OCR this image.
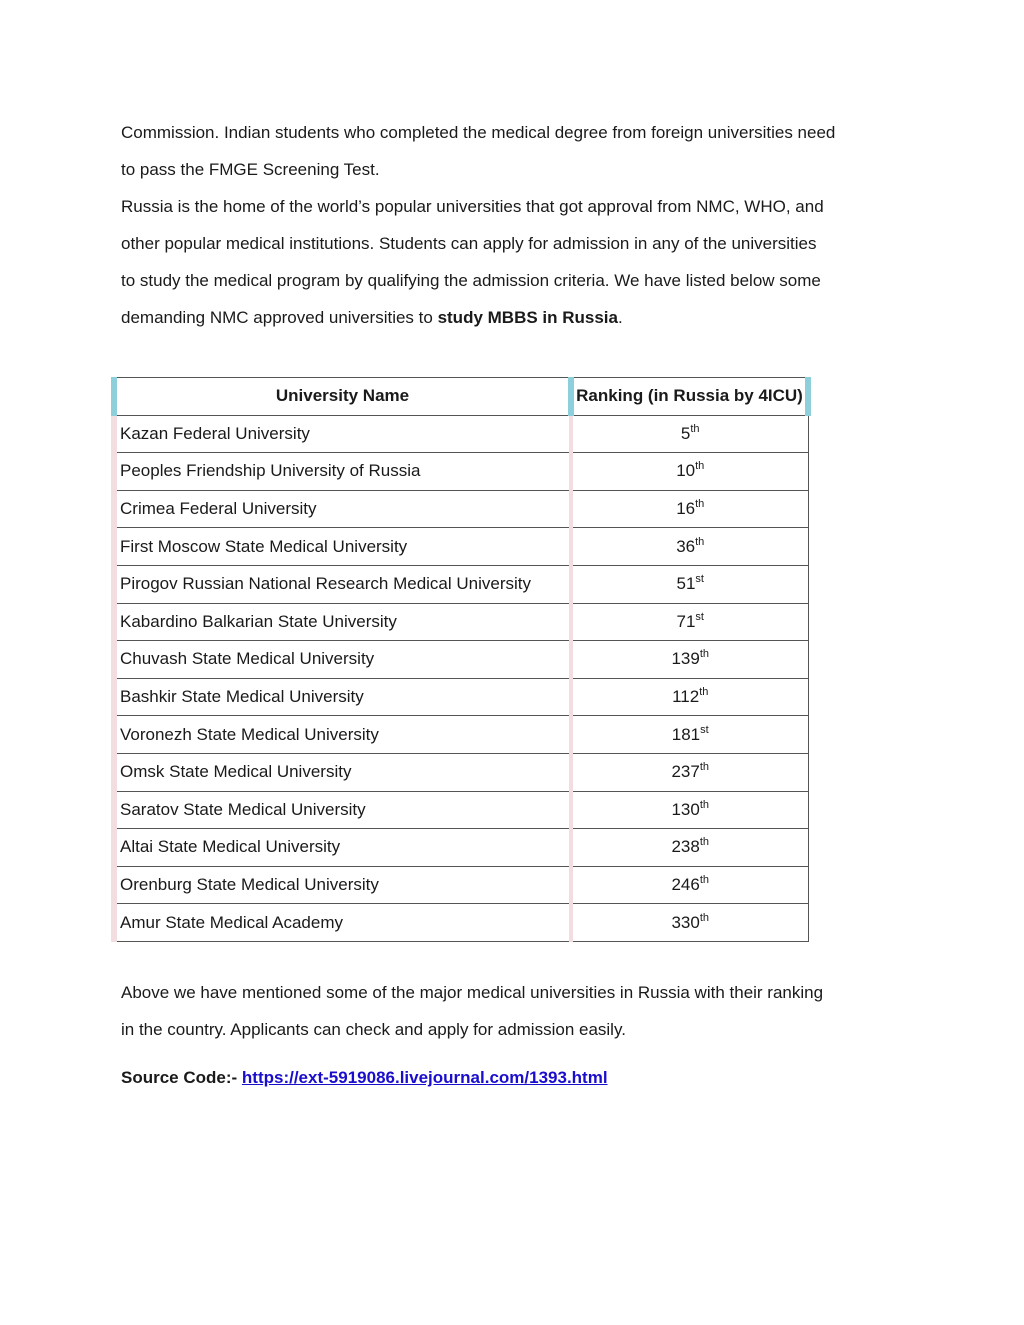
Commission. Indian students who completed the medical degree from foreign universities need
to pass the FMGE Screening Test.

Russia is the home of the world’s popular universities that got approval from NMC, WHO, and
other popular medical institutions. Students can apply for admission in any of the universities
to study the medical program by qualifying the admission criteria. We have listed below some
demanding NMC approved universities to study MBBS in Russia.

University Name	Ranking (in Russia by 4ICU)
Kazan Federal University	5th
Peoples Friendship University of Russia	10th
Crimea Federal University	16th
First Moscow State Medical University	36th
Pirogov Russian National Research Medical University	51st
Kabardino Balkarian State University	71st
Chuvash State Medical University	139th
Bashkir State Medical University	112th
Voronezh State Medical University	181st
Omsk State Medical University	237th
Saratov State Medical University	130th
Altai State Medical University	238th
Orenburg State Medical University	246th
Amur State Medical Academy	330th

Above we have mentioned some of the major medical universities in Russia with their ranking
in the country. Applicants can check and apply for admission easily.

Source Code:- https://ext-5919086.livejournal.com/1393.html
